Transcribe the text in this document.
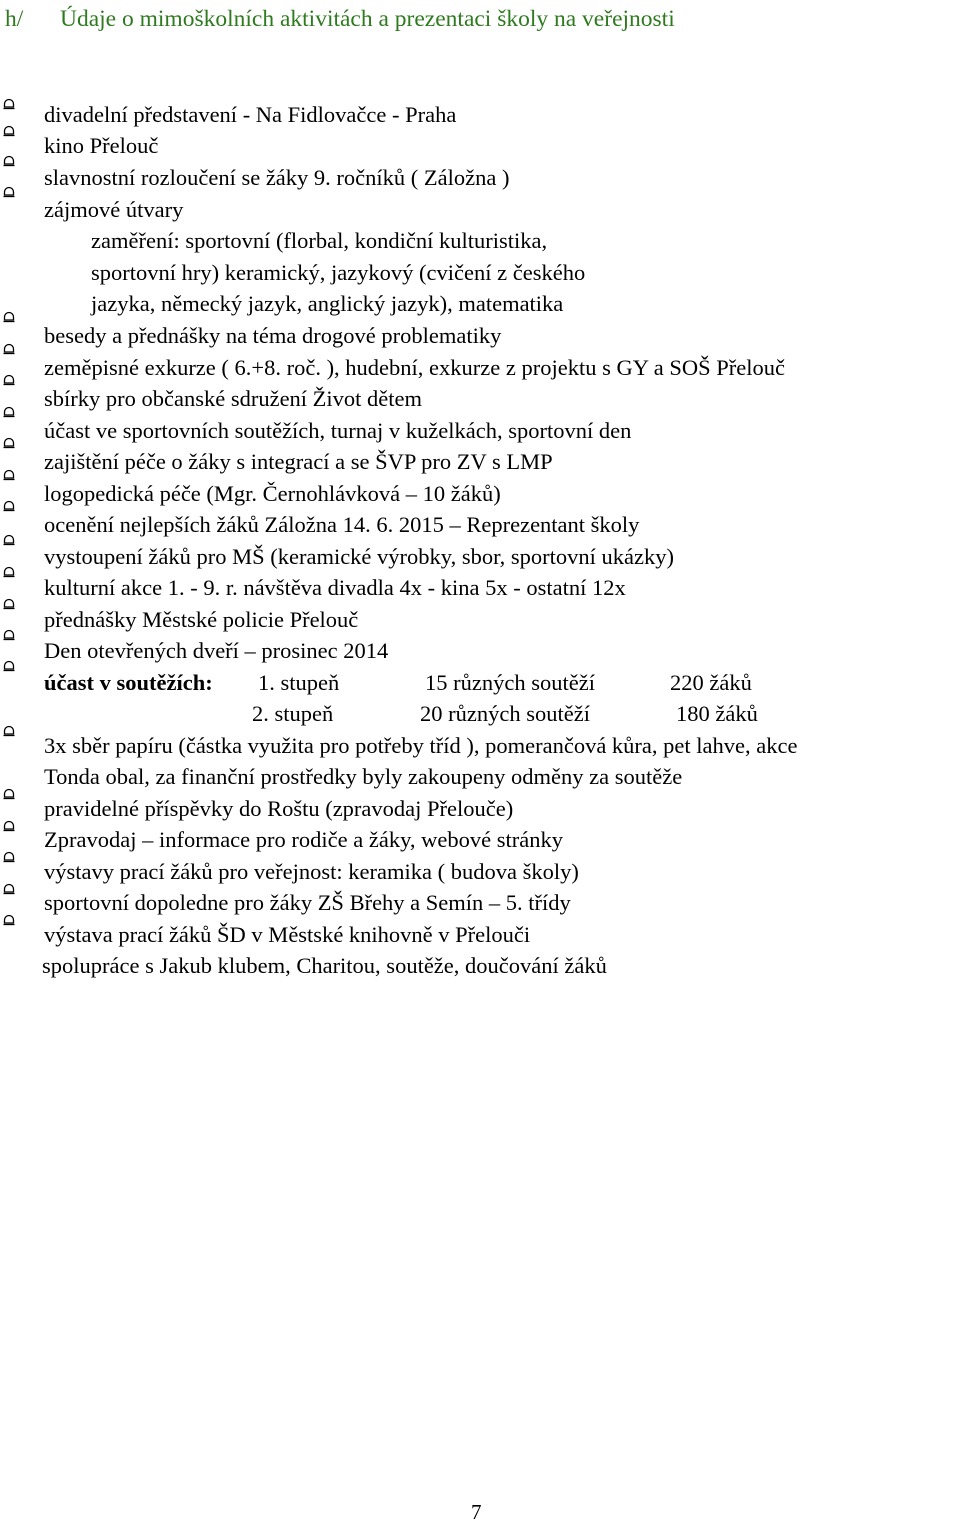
h/ Údaje o mimoškolních aktivitách a prezentaci školy na veřejnosti
divadelní představení - Na Fidlovačce - Praha
kino Přelouč
slavnostní rozloučení se žáky 9. ročníků ( Záložna )
zájmové útvary
zaměření: sportovní (florbal, kondiční kulturistika,
sportovní hry) keramický, jazykový (cvičení z českého
jazyka, německý jazyk, anglický jazyk), matematika
besedy a přednášky na téma drogové problematiky
zeměpisné exkurze ( 6.+8. roč. ), hudební, exkurze z projektu s GY a SOŠ Přelouč
sbírky pro občanské sdružení Život dětem
účast ve sportovních soutěžích, turnaj v kuželkách, sportovní den
zajištění péče o žáky s integrací a se ŠVP pro ZV s LMP
logopedická péče (Mgr. Černohlávková – 10 žáků)
ocenění nejlepších žáků Záložna 14. 6. 2015 – Reprezentant školy
vystoupení žáků pro MŠ (keramické výrobky, sbor, sportovní ukázky)
kulturní akce 1. - 9. r. návštěva divadla 4x - kina 5x - ostatní 12x
přednášky Městské policie Přelouč
Den otevřených dveří – prosinec 2014
účast v soutěžích: 1. stupeň	15 různých soutěží	220 žáků
2. stupeň	20 různých soutěží	180 žáků
3x sběr papíru (částka využita pro potřeby tříd ), pomerančová kůra, pet lahve, akce
Tonda obal, za finanční prostředky byly zakoupeny odměny za soutěže
pravidelné příspěvky do Roštu (zpravodaj Přelouče)
Zpravodaj – informace pro rodiče a žáky, webové stránky
výstavy prací žáků pro veřejnost: keramika ( budova školy)
sportovní dopoledne pro žáky ZŠ Břehy a Semín – 5. třídy
výstava prací žáků ŠD v Městské knihovně v Přelouči
spolupráce s Jakub klubem, Charitou, soutěže, doučování žáků
7
